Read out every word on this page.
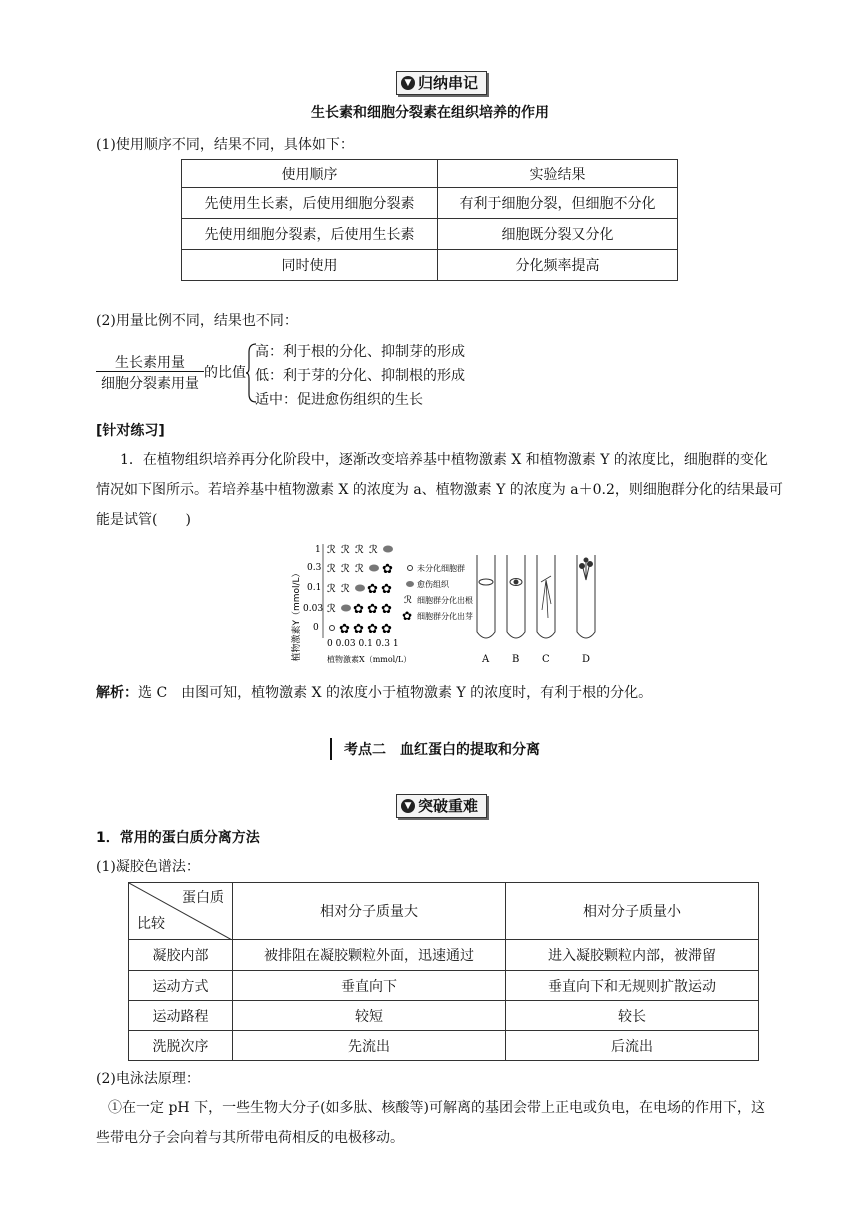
▼ 归纳串记
生长素和细胞分裂素在组织培养的作用
(1)使用顺序不同，结果不同，具体如下：
使用顺序	实验结果
先使用生长素，后使用细胞分裂素	有利于细胞分裂，但细胞不分化
先使用细胞分裂素，后使用生长素	细胞既分裂又分化
同时使用	分化频率提高
(2)用量比例不同，结果也不同：
生长素用量
细胞分裂素用量
的比值
高：利于根的分化、抑制芽的形成
低：利于芽的分化、抑制根的形成
适中：促进愈伤组织的生长
[针对练习]
1．在植物组织培养再分化阶段中，逐渐改变培养基中植物激素 X 和植物激素 Y 的浓度比，细胞群的变化
情况如下图所示。若培养基中植物激素 X 的浓度为 a、植物激素 Y 的浓度为 a＋0.2，则细胞群分化的结果最可
能是试管(　　)
植物激素Y（mmol/L）
1
0.3
0.1
0.03
0
0 0.03 0.1 0.3 1
植物激素X（mmol/L）
ℛ ℛ ℛ ℛ
ℛ ℛ ℛ ✿
ℛ ℛ ✿ ✿
ℛ ✿ ✿ ✿
✿ ✿ ✿ ✿
未分化细胞群
愈伤组织
ℛ 细胞群分化出根
✿ 细胞群分化出芽
A B C	D
解析：选 C　由图可知，植物激素 X 的浓度小于植物激素 Y 的浓度时，有利于根的分化。
考点二　血红蛋白的提取和分离
▼ 突破重难
1．常用的蛋白质分离方法
(1)凝胶色谱法：
蛋白质
比较	相对分子质量大	相对分子质量小
凝胶内部	被排阻在凝胶颗粒外面，迅速通过	进入凝胶颗粒内部，被滞留
运动方式	垂直向下	垂直向下和无规则扩散运动
运动路程	较短	较长
洗脱次序	先流出	后流出
(2)电泳法原理：
①在一定 pH 下，一些生物大分子(如多肽、核酸等)可解离的基团会带上正电或负电，在电场的作用下，这
些带电分子会向着与其所带电荷相反的电极移动。
